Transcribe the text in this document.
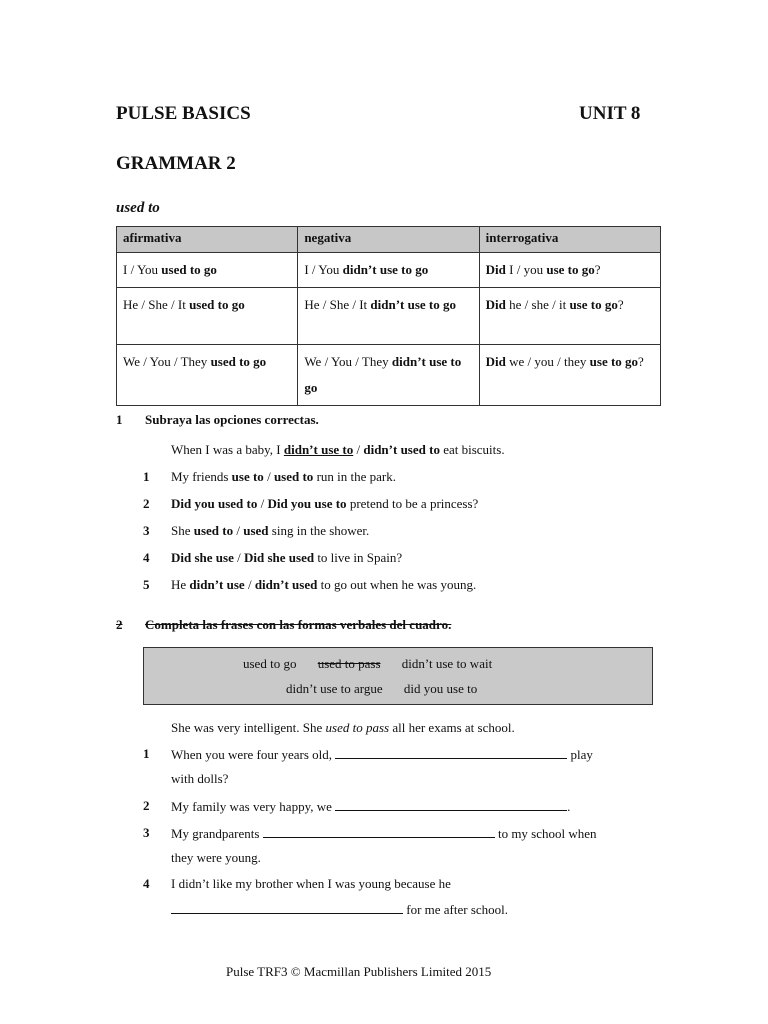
PULSE BASICS	UNIT 8
GRAMMAR 2
used to
afirmativa	negativa	interrogativa
I / You used to go	I / You didn’t use to go	Did I / you use to go?
He / She / It used to go	He / She / It didn’t use to go	Did he / she / it use to go?
We / You / They used to go	We / You / They didn’t use to go	Did we / you / they use to go?
1 Subraya las opciones correctas.
When I was a baby, I didn’t use to / didn’t used to eat biscuits.
1 My friends use to / used to run in the park.
2 Did you used to / Did you use to pretend to be a princess?
3 She used to / used sing in the shower.
4 Did she use / Did she used to live in Spain?
5 He didn’t use / didn’t used to go out when he was young.
2 Completa las frases con las formas verbales del cuadro.
used to go used to pass didn’t use to wait
didn’t use to argue did you use to
She was very intelligent. She used to pass all her exams at school.
1 When you were four years old,	play
with dolls?
2 My family was very happy, we	.
3 My grandparents	to my school when
they were young.
4 I didn’t like my brother when I was young because he
for me after school.
Pulse TRF3 © Macmillan Publishers Limited 2015
